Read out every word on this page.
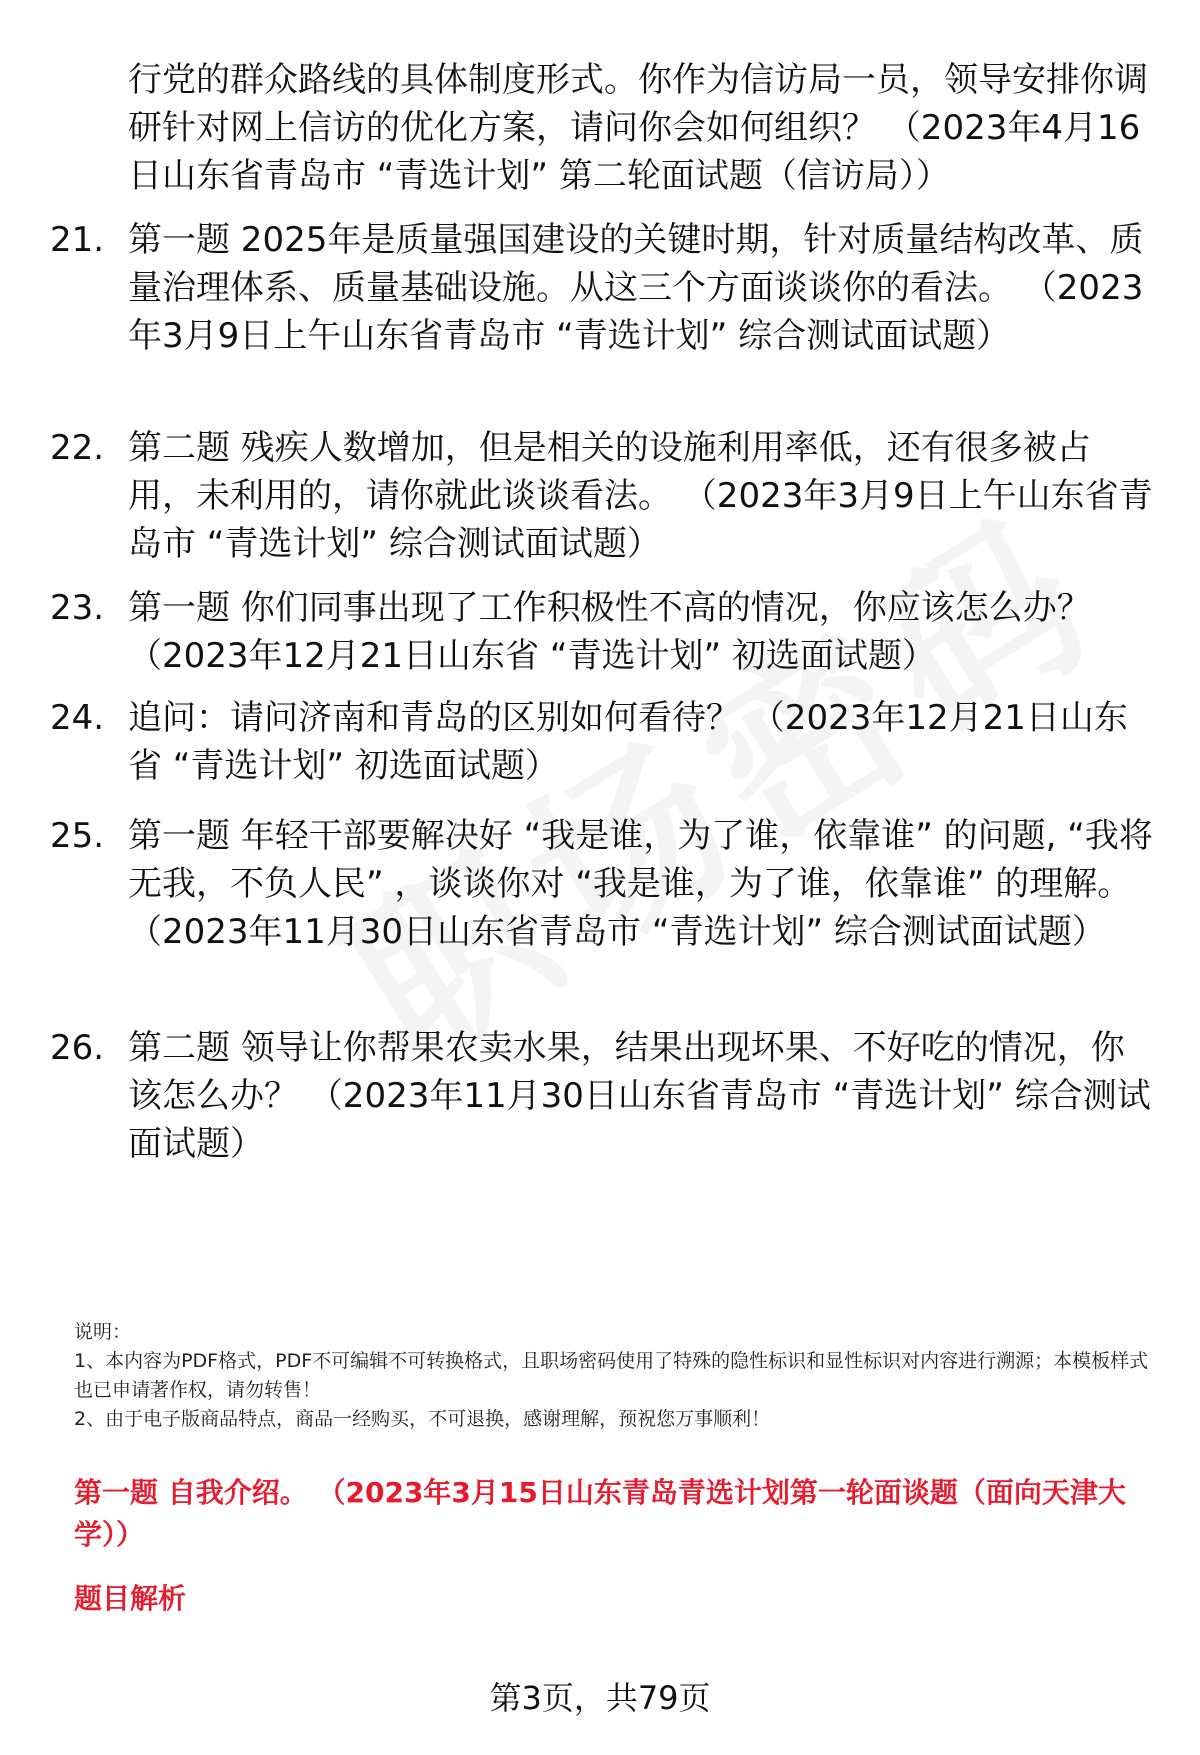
行党的群众路线的具体制度形式。你作为信访局一员，领导安排你调研针对网上信访的优化方案，请问你会如何组织？ （2023年4月16日山东省青岛市 “青选计划” 第二轮面试题（信访局））
21. 第一题 2025年是质量强国建设的关键时期，针对质量结构改革、质量治理体系、质量基础设施。从这三个方面谈谈你的看法。 （2023年3月9日上午山东省青岛市 “青选计划” 综合测试面试题）
22. 第二题 残疾人数增加，但是相关的设施利用率低，还有很多被占用，未利用的，请你就此谈谈看法。 （2023年3月9日上午山东省青岛市 “青选计划” 综合测试面试题）
23. 第一题 你们同事出现了工作积极性不高的情况，你应该怎么办？ （2023年12月21日山东省 “青选计划” 初选面试题）
24. 追问：请问济南和青岛的区别如何看待？ （2023年12月21日山东省 “青选计划” 初选面试题）
25. 第一题 年轻干部要解决好 “我是谁，为了谁，依靠谁” 的问题, “我将无我，不负人民” ，谈谈你对 “我是谁，为了谁，依靠谁” 的理解。 （2023年11月30日山东省青岛市 “青选计划” 综合测试面试题）
26. 第二题 领导让你帮果农卖水果，结果出现坏果、不好吃的情况，你该怎么办？ （2023年11月30日山东省青岛市 “青选计划” 综合测试面试题）

说明：

1、本内容为PDF格式，PDF不可编辑不可转换格式，且职场密码使用了特殊的隐性标识和显性标识对内容进行溯源；本模板样式也已申请著作权，请勿转售！

2、由于电子版商品特点，商品一经购买，不可退换，感谢理解，预祝您万事顺利！

第一题 自我介绍。 （2023年3月15日山东青岛青选计划第一轮面谈题（面向天津大学））
题目解析
第3页，共79页
